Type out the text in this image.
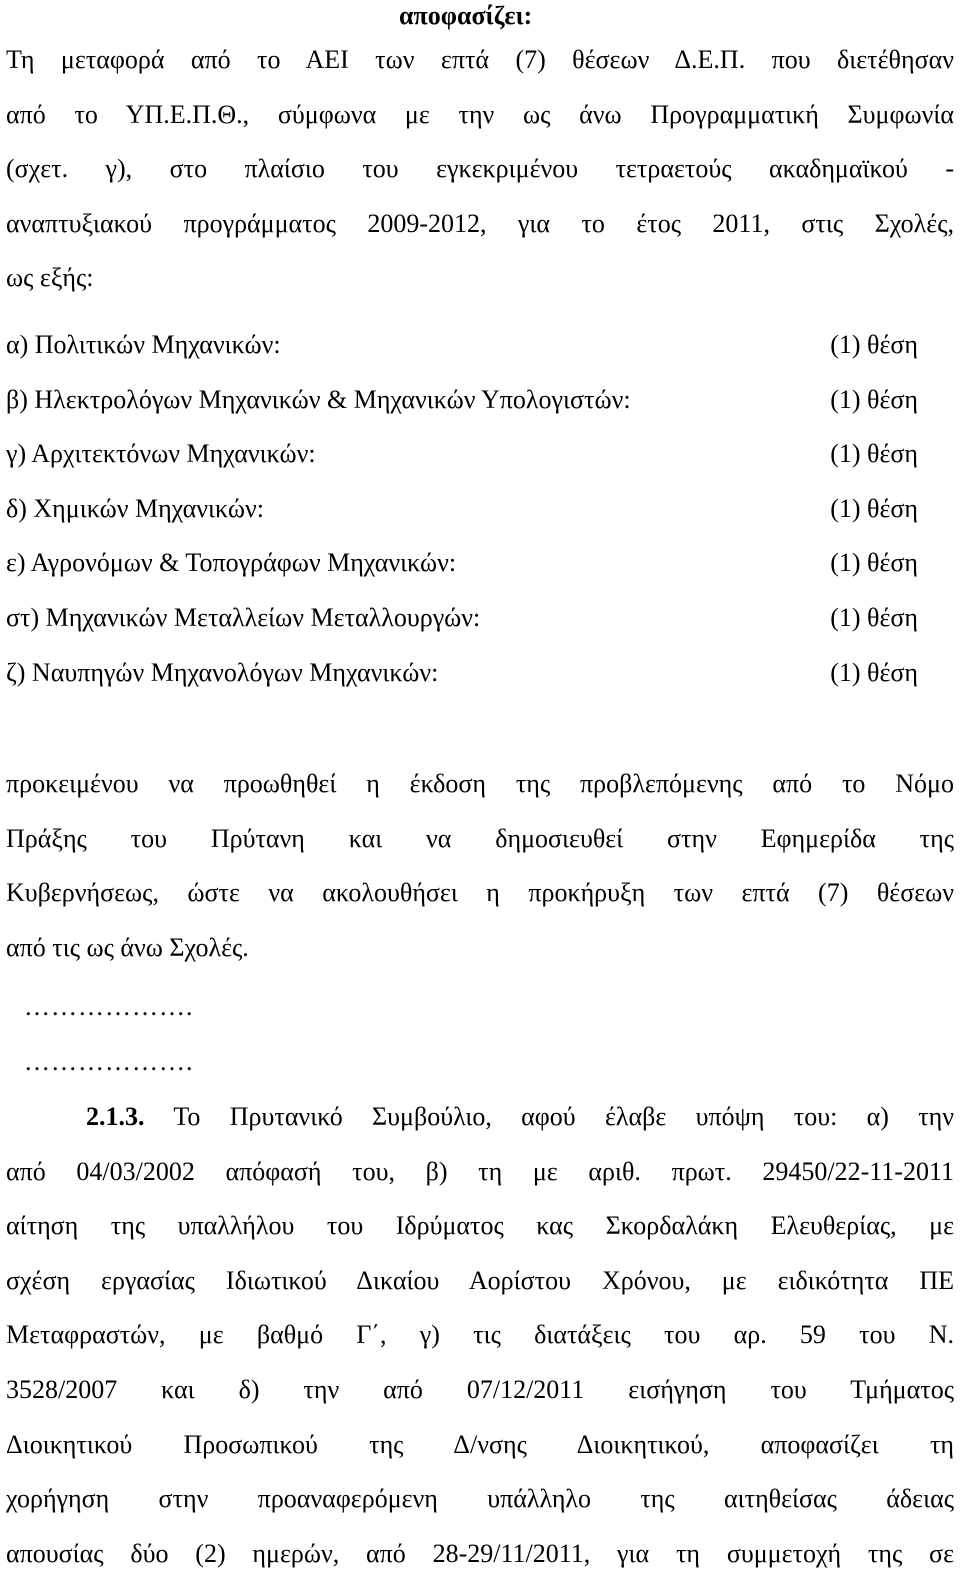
αποφασίζει:
Τη μεταφορά από το ΑΕΙ των επτά (7) θέσεων Δ.Ε.Π. που διετέθησαν
από το ΥΠ.Ε.Π.Θ., σύμφωνα με την ως άνω Προγραμματική Συμφωνία
(σχετ. γ), στο πλαίσιο του εγκεκριμένου τετραετούς ακαδημαϊκού -
αναπτυξιακού προγράμματος 2009-2012, για το έτος 2011, στις Σχολές,
ως εξής:
α) Πολιτικών Μηχανικών:	(1) θέση
β) Ηλεκτρολόγων Μηχανικών & Μηχανικών Υπολογιστών:	(1) θέση
γ) Αρχιτεκτόνων Μηχανικών:	(1) θέση
δ) Χημικών Μηχανικών:	(1) θέση
ε) Αγρονόμων & Τοπογράφων Μηχανικών:	(1) θέση
στ) Μηχανικών Μεταλλείων Μεταλλουργών:	(1) θέση
ζ) Ναυπηγών Μηχανολόγων Μηχανικών:	(1) θέση
προκειμένου να προωθηθεί η έκδοση της προβλεπόμενης από το Νόμο
Πράξης του Πρύτανη και να δημοσιευθεί στην Εφημερίδα της
Κυβερνήσεως, ώστε να ακολουθήσει η προκήρυξη των επτά (7) θέσεων
από τις ως άνω Σχολές.
……………….
……………….
2.1.3. Το Πρυτανικό Συμβούλιο, αφού έλαβε υπόψη του: α) την
από 04/03/2002 απόφασή του, β) τη με αριθ. πρωτ. 29450/22-11-2011
αίτηση της υπαλλήλου του Ιδρύματος κας Σκορδαλάκη Ελευθερίας, με
σχέση εργασίας Ιδιωτικού Δικαίου Αορίστου Χρόνου, με ειδικότητα ΠΕ
Μεταφραστών, με βαθμό Γ΄, γ) τις διατάξεις του αρ. 59 του Ν.
3528/2007 και δ) την από 07/12/2011 εισήγηση του Τμήματος
Διοικητικού Προσωπικού της Δ/νσης Διοικητικού, αποφασίζει τη
χορήγηση στην προαναφερόμενη υπάλληλο της αιτηθείσας άδειας
απουσίας δύο (2) ημερών, από 28-29/11/2011, για τη συμμετοχή της σε
